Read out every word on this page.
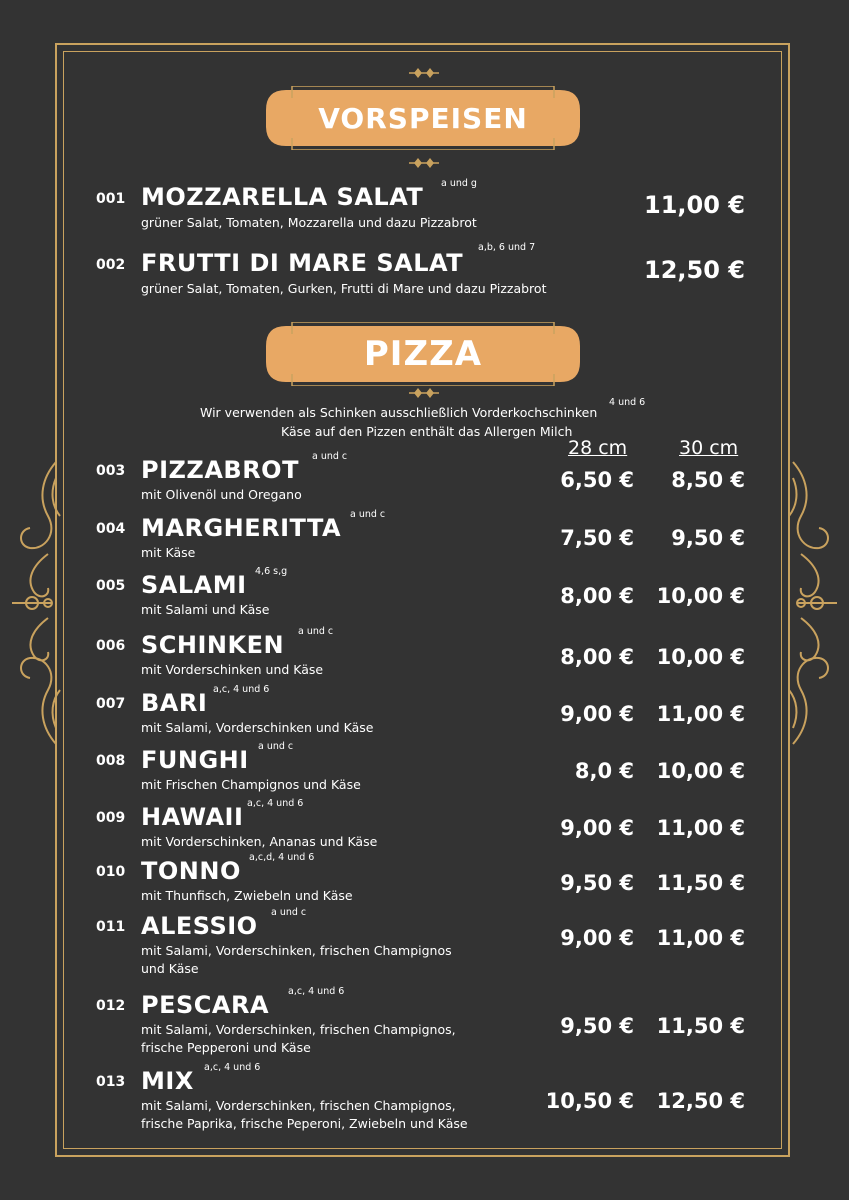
VORSPEISEN
001 MOZZARELLA SALAT a und g
grüner Salat, Tomaten, Mozzarella und dazu Pizzabrot
11,00 €
002 FRUTTI DI MARE SALAT
a,b, 6 und 7
grüner Salat, Tomaten, Gurken, Frutti di Mare und dazu Pizzabrot
12,50 €
PIZZA
Wir verwenden als Schinken ausschließlich Vorderkochschinken
4 und 6
Käse auf den Pizzen enthält das Allergen Milch
28 cm	30 cm
003 PIZZABROT a und c
mit Olivenöl und Oregano
6,50 € 8,50 €
004 MARGHERITTA a und c
mit Käse
7,50 € 9,50 €
005 SALAMI 4,6 s,g
mit Salami und Käse
8,00 € 10,00 €
006 SCHINKEN a und c
mit Vorderschinken und Käse
8,00 € 10,00 €
007 BARI a,c, 4 und 6
mit Salami, Vorderschinken und Käse
9,00 € 11,00 €
008 FUNGHI a und c
mit Frischen Champignos und Käse
8,0 € 10,00 €
009 HAWAII a,c, 4 und 6
mit Vorderschinken, Ananas und Käse
9,00 € 11,00 €
010 TONNO a,c,d, 4 und 6
mit Thunfisch, Zwiebeln und Käse
9,50 € 11,50 €
011 ALESSIO a und c
mit Salami, Vorderschinken, frischen Champignos
und Käse
9,00 € 11,00 €
012 PESCARA a,c, 4 und 6
mit Salami, Vorderschinken, frischen Champignos,
frische Pepperoni und Käse
9,50 € 11,50 €
013 MIX a,c, 4 und 6
mit Salami, Vorderschinken, frischen Champignos,
frische Paprika, frische Peperoni, Zwiebeln und Käse
10,50 € 12,50 €
